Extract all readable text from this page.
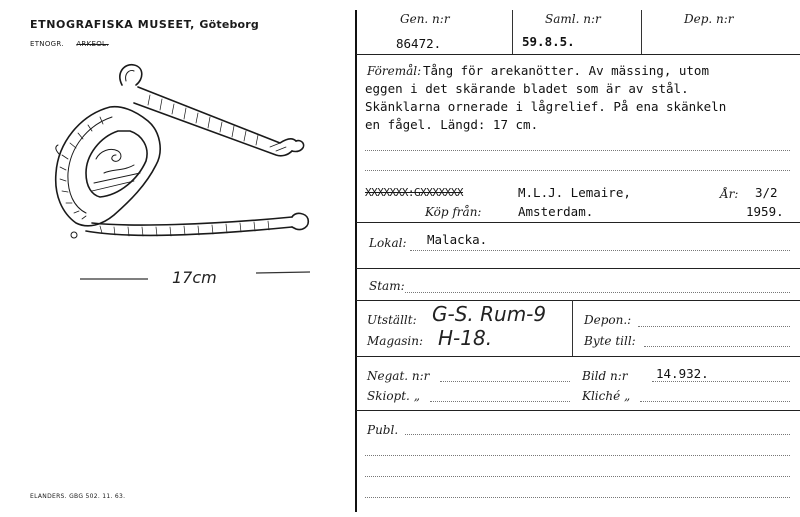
ETNOGRAFISKA MUSEET, Göteborg
ETNOGR. ARKEOL.
17cm
ELANDERS. GBG 502. 11. 63.
Gen. n:r
86472.
Saml. n:r
59.8.5.
Dep. n:r
Föremål: Tång för arekanötter. Av mässing, utom
eggen i det skärande bladet som är av stål.
Skänklarna ornerade i lågrelief. På ena skänkeln
en fågel. Längd: 17 cm.
XXXXXXX:GXXXXXXX	M.L.J. Lemaire,	År: 3/2
Köp från:	Amsterdam.	1959.
Lokal: Malacka.
Stam:
Utställt: G-S. Rum-9	Depon.:
Magasin: H-18.	Byte till:
Negat. n:r	Bild n:r 14.932.
Skiopt. „	Kliché „
Publ.
